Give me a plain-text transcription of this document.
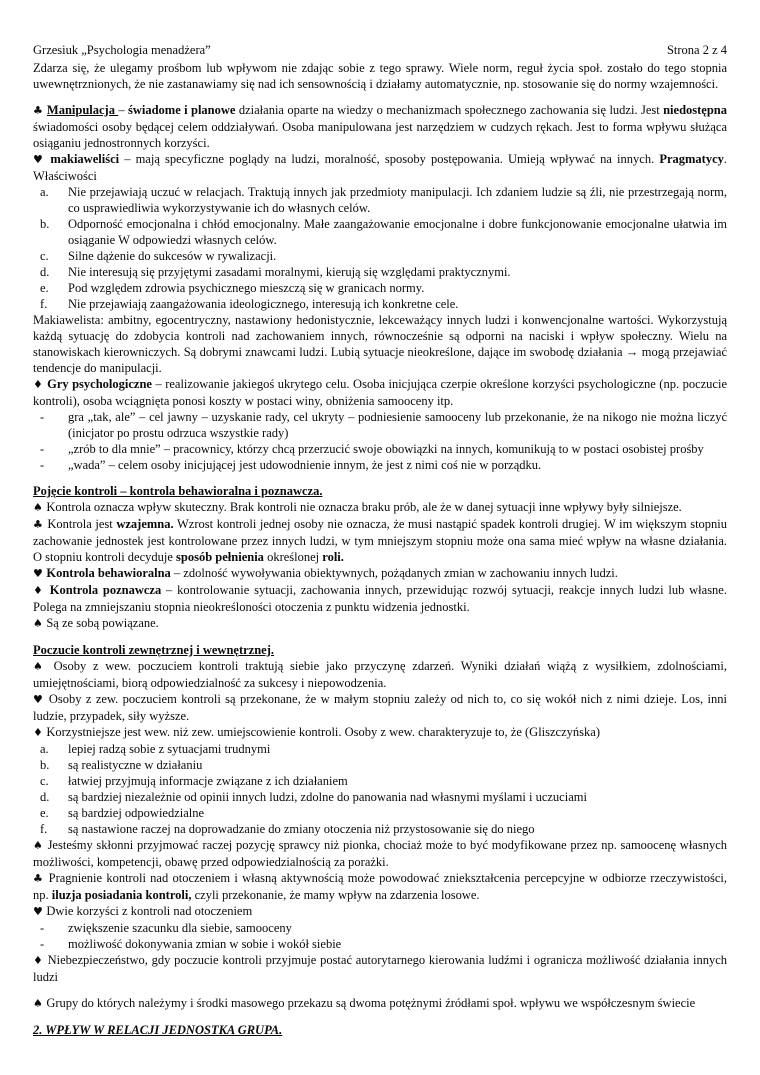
Grzesiuk „Psychologia menadżera”	Strona 2 z 4
Zdarza się, że ulegamy prośbom lub wpływom nie zdając sobie z tego sprawy. Wiele norm, reguł życia społ. zostało do tego stopnia uwewnętrznionych, że nie zastanawiamy się nad ich sensownością i działamy automatycznie, np. stosowanie się do normy wzajemności.
♣ Manipulacja – świadome i planowe działania oparte na wiedzy o mechanizmach społecznego zachowania się ludzi. Jest niedostępna świadomości osoby będącej celem oddziaływań. Osoba manipulowana jest narzędziem w cudzych rękach. Jest to forma wpływu służąca osiąganiu jednostronnych korzyści.
♥ makiaweliści – mają specyficzne poglądy na ludzi, moralność, sposoby postępowania. Umieją wpływać na innych. Pragmatycy. Właściwości
a. Nie przejawiają uczuć w relacjach. Traktują innych jak przedmioty manipulacji. Ich zdaniem ludzie są źli, nie przestrzegają norm, co usprawiedliwia wykorzystywanie ich do własnych celów.
b. Odporność emocjonalna i chłód emocjonalny. Małe zaangażowanie emocjonalne i dobre funkcjonowanie emocjonalne ułatwia im osiąganie W odpowiedzi własnych celów.
c. Silne dążenie do sukcesów w rywalizacji.
d. Nie interesują się przyjętymi zasadami moralnymi, kierują się względami praktycznymi.
e. Pod względem zdrowia psychicznego mieszczą się w granicach normy.
f. Nie przejawiają zaangażowania ideologicznego, interesują ich konkretne cele.
Makiawelista: ambitny, egocentryczny, nastawiony hedonistycznie, lekceważący innych ludzi i konwencjonalne wartości. Wykorzystują każdą sytuację do zdobycia kontroli nad zachowaniem innych, równocześnie są odporni na naciski i wpływ społeczny. Wielu na stanowiskach kierowniczych. Są dobrymi znawcami ludzi. Lubią sytuacje nieokreślone, dające im swobodę działania → mogą przejawiać tendencje do manipulacji.
♦ Gry psychologiczne – realizowanie jakiegoś ukrytego celu. Osoba inicjująca czerpie określone korzyści psychologiczne (np. poczucie kontroli), osoba wciągnięta ponosi koszty w postaci winy, obniżenia samooceny itp.
- gra „tak, ale” – cel jawny – uzyskanie rady, cel ukryty – podniesienie samooceny lub przekonanie, że na nikogo nie można liczyć (inicjator po prostu odrzuca wszystkie rady)
- „zrób to dla mnie” – pracownicy, którzy chcą przerzucić swoje obowiązki na innych, komunikują to w postaci osobistej prośby
- „wada” – celem osoby inicjującej jest udowodnienie innym, że jest z nimi coś nie w porządku.
Pojęcie kontroli – kontrola behawioralna i poznawcza.
♠ Kontrola oznacza wpływ skuteczny. Brak kontroli nie oznacza braku prób, ale że w danej sytuacji inne wpływy były silniejsze.
♣ Kontrola jest wzajemna. Wzrost kontroli jednej osoby nie oznacza, że musi nastąpić spadek kontroli drugiej. W im większym stopniu zachowanie jednostek jest kontrolowane przez innych ludzi, w tym mniejszym stopniu może ona sama mieć wpływ na własne działania. O stopniu kontroli decyduje sposób pełnienia określonej roli.
♥ Kontrola behawioralna – zdolność wywoływania obiektywnych, pożądanych zmian w zachowaniu innych ludzi.
♦ Kontrola poznawcza – kontrolowanie sytuacji, zachowania innych, przewidując rozwój sytuacji, reakcje innych ludzi lub własne. Polega na zmniejszaniu stopnia nieokreśloności otoczenia z punktu widzenia jednostki.
♠ Są ze sobą powiązane.
Poczucie kontroli zewnętrznej i wewnętrznej.
♠ Osoby z wew. poczuciem kontroli traktują siebie jako przyczynę zdarzeń. Wyniki działań wiążą z wysiłkiem, zdolnościami, umiejętnościami, biorą odpowiedzialność za sukcesy i niepowodzenia.
♥ Osoby z zew. poczuciem kontroli są przekonane, że w małym stopniu zależy od nich to, co się wokół nich z nimi dzieje. Los, inni ludzie, przypadek, siły wyższe.
♦ Korzystniejsze jest wew. niż zew. umiejscowienie kontroli. Osoby z wew. charakteryzuje to, że (Gliszczyńska)
a. lepiej radzą sobie z sytuacjami trudnymi
b. są realistyczne w działaniu
c. łatwiej przyjmują informacje związane z ich działaniem
d. są bardziej niezależnie od opinii innych ludzi, zdolne do panowania nad własnymi myślami i uczuciami
e. są bardziej odpowiedzialne
f. są nastawione raczej na doprowadzanie do zmiany otoczenia niż przystosowanie się do niego
♠ Jesteśmy skłonni przyjmować raczej pozycję sprawcy niż pionka, chociaż może to być modyfikowane przez np. samoocenę własnych możliwości, kompetencji, obawę przed odpowiedzialnością za porażki.
♣ Pragnienie kontroli nad otoczeniem i własną aktywnością może powodować zniekształcenia percepcyjne w odbiorze rzeczywistości, np. iluzja posiadania kontroli, czyli przekonanie, że mamy wpływ na zdarzenia losowe.
♥ Dwie korzyści z kontroli nad otoczeniem
- zwiększenie szacunku dla siebie, samooceny
- możliwość dokonywania zmian w sobie i wokół siebie
♦ Niebezpieczeństwo, gdy poczucie kontroli przyjmuje postać autorytarnego kierowania ludźmi i ogranicza możliwość działania innych ludzi
♠ Grupy do których należymy i środki masowego przekazu są dwoma potężnymi źródłami społ. wpływu we współczesnym świecie
2. WPŁYW W RELACJI JEDNOSTKA GRUPA.
